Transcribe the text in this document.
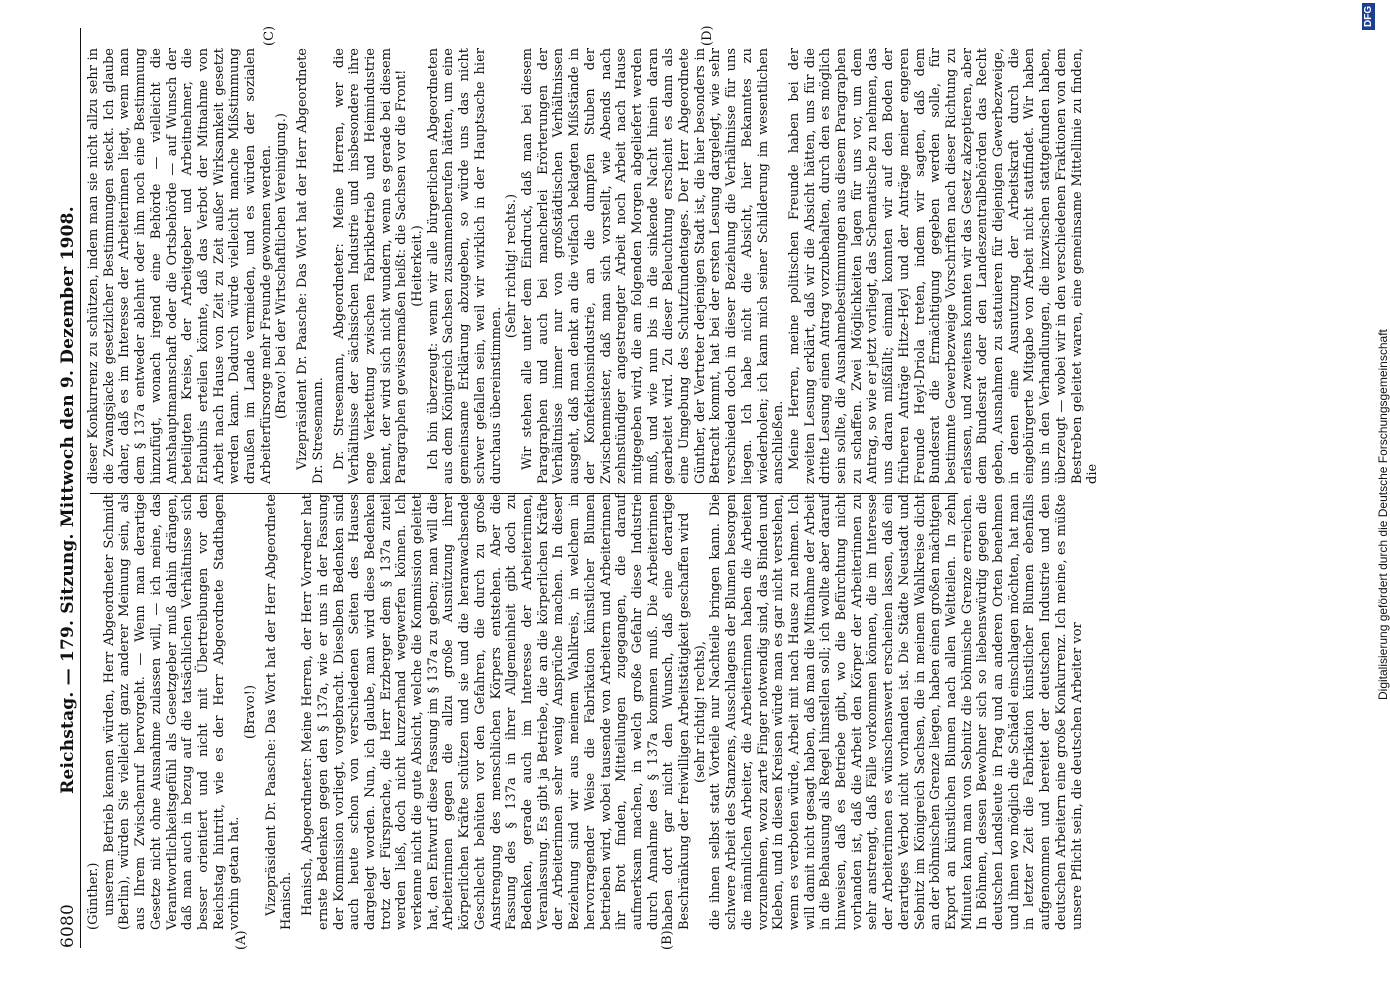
6080
Reichstag. — 179. Sitzung. Mittwoch den 9. Dezember 1908.
(A)	(B)
(C)	(D)

(Günther.) unserem Betrieb kennen würden, Herr Abgeordneter Schmidt (Berlin), würden Sie vielleicht ganz anderer Meinung sein, als aus Ihrem Zwischenruf hervorgeht. — Wenn man derartige Gesetze nicht ohne Ausnahme zulassen will, — ich meine, das Verantwortlichkeitsgefühl als Gesetzgeber muß dahin drängen, daß man auch in bezug auf die tatsächlichen Verhältnisse sich besser orientiert und nicht mit Übertreibungen vor den Reichstag hintritt, wie es der Herr Abgeordnete Stadthagen vorhin getan hat.

(Bravo!) Vizepräsident Dr. Paasche: Das Wort hat der Herr Abgeordnete Hanisch. Hanisch, Abgeordneter: Meine Herren, der Herr Vorredner hat ernste Bedenken gegen den § 137a, wie er uns in der Fassung der Kommission vorliegt, vorgebracht. Dieselben Bedenken sind auch heute schon von verschiedenen Seiten des Hauses dargelegt worden. Nun, ich glaube, man wird diese Bedenken trotz der Fürsprache, die Herr Erzberger dem § 137a zuteil werden ließ, doch nicht kurzerhand wegwerfen können. Ich verkenne nicht die gute Absicht, welche die Kommission geleitet hat, den Entwurf diese Fassung im § 137a zu geben; man will die Arbeiterinnen gegen die allzu große Ausnützung ihrer körperlichen Kräfte schützen und sie und die heranwachsende Geschlecht behüten vor den Gefahren, die durch zu große Anstrengung des menschlichen Körpers entstehen. Aber die Fassung des § 137a in ihrer Allgemeinheit gibt doch zu Bedenken, gerade auch im Interesse der Arbeiterinnen, Veranlassung. Es gibt ja Betriebe, die an die körperlichen Kräfte der Arbeiterinnen sehr wenig Ansprüche machen. In dieser Beziehung sind wir aus meinem Wahlkreis, in welchem in hervorragender Weise die Fabrikation künstlicher Blumen betrieben wird, wobei tausende von Arbeitern und Arbeiterinnen ihr Brot finden, Mitteilungen zugegangen, die darauf aufmerksam machen, in welch große Gefahr diese Industrie durch Annahme des § 137a kommen muß. Die Arbeiterinnen haben dort gar nicht den Wunsch, daß eine derartige Beschränkung der freiwilligen Arbeitstätigkeit geschaffen wird (sehr richtig! rechts), die ihnen selbst statt Vorteile nur Nachteile bringen kann. Die schwere Arbeit des Stanzens, Ausschlagens der Blumen besorgen die männlichen Arbeiter, die Arbeiterinnen haben die Arbeiten vorzunehmen, wozu zarte Finger notwendig sind, das Binden und Kleben, und in diesen Kreisen würde man es gar nicht verstehen, wenn es verboten würde, Arbeit mit nach Hause zu nehmen. Ich will damit nicht gesagt haben, daß man die Mitnahme der Arbeit in die Behausung als Regel hinstellen soll; ich wollte aber darauf hinweisen, daß es Betriebe gibt, wo die Befürchtung nicht vorhanden ist, daß die Arbeit den Körper der Arbeiterinnen zu sehr anstrengt, daß Fälle vorkommen können, die im Interesse der Arbeiterinnen es wünschenswert erscheinen lassen, daß ein derartiges Verbot nicht vorhanden ist. Die Städte Neustadt und Sebnitz im Königreich Sachsen, die in meinem Wahlkreise dicht an der böhmischen Grenze liegen, haben einen großen mächtigen Export an künstlichen Blumen nach allen Weltteilen. In zehn Minuten kann man von Sebnitz die böhmische Grenze erreichen. In Böhmen, dessen Bewohner sich so liebenswürdig gegen die deutschen Landsleute in Prag und an anderen Orten benehmen und ihnen wo möglich die Schädel einschlagen möchten, hat man in letzter Zeit die Fabrikation künstlicher Blumen ebenfalls aufgenommen und bereitet der deutschen Industrie und den deutschen Arbeitern eine große Konkurrenz. Ich meine, es müßte unsere Pflicht sein, die deutschen Arbeiter vor

dieser Konkurrenz zu schützen, indem man sie nicht allzu sehr in die Zwangsjacke gesetzlicher Bestimmungen steckt. Ich glaube daher, daß es im Interesse der Arbeiterinnen liegt, wenn man dem § 137a entweder ablehnt oder ihm noch eine Bestimmung hinzufügt, wonach irgend eine Behörde — vielleicht die Amtshauptmannschaft oder die Ortsbehörde — auf Wunsch der beteiligten Kreise, der Arbeitgeber und Arbeitnehmer, die Erlaubnis erteilen könnte, daß das Verbot der Mitnahme von Arbeit nach Hause von Zeit zu Zeit außer Wirksamkeit gesetzt werden kann. Dadurch würde vielleicht manche Mißstimmung draußen im Lande vermieden, und es würden der sozialen Arbeiterfürsorge mehr Freunde gewonnen werden. (Bravo! bei der Wirtschaftlichen Vereinigung.) Vizepräsident Dr. Paasche: Das Wort hat der Herr Abgeordnete Dr. Stresemann. Dr. Stresemann, Abgeordneter: Meine Herren, wer die Verhältnisse der sächsischen Industrie und insbesondere ihre enge Verkettung zwischen Fabrikbetrieb und Heimindustrie kennt, der wird sich nicht wundern, wenn es gerade bei diesem Paragraphen gewissermaßen heißt: die Sachsen vor die Front! (Heiterkeit.) Ich bin überzeugt: wenn wir alle bürgerlichen Abgeordneten aus dem Königreich Sachsen zusammenberufen hätten, um eine gemeinsame Erklärung abzugeben, so würde uns das nicht schwer gefallen sein, weil wir wirklich in der Hauptsache hier durchaus übereinstimmen.

(Sehr richtig! rechts.) Wir stehen alle unter dem Eindruck, daß man bei diesem Paragraphen und auch bei mancherlei Erörterungen der Verhältnisse immer nur von großstädtischen Verhältnissen ausgeht, daß man denkt an die vielfach beklagten Mißstände in der Konfektionsindustrie, an die dumpfen Stuben der Zwischenmeister, daß man sich vorstellt, wie Abends nach zehnstündiger angestrengter Arbeit noch Arbeit nach Hause mitgegeben wird, die am folgenden Morgen abgeliefert werden muß, und wie nun bis in die sinkende Nacht hinein daran gearbeitet wird. Zu dieser Beleuchtung erscheint es dann als eine Umgebung des Schutzfundentages. Der Herr Abgeordnete Günther, der Vertreter derjenigen Stadt ist, die hier besonders in Betracht kommt, hat bei der ersten Lesung dargelegt, wie sehr verschieden doch in dieser Beziehung die Verhältnisse für uns liegen. Ich habe nicht die Absicht, hier Bekanntes zu wiederholen; ich kann mich seiner Schilderung im wesentlichen anschließen. Meine Herren, meine politischen Freunde haben bei der zweiten Lesung erklärt, daß wir die Absicht hätten, uns für die dritte Lesung einen Antrag vorzubehalten, durch den es möglich sein sollte, die Ausnahmebestimmungen aus diesem Paragraphen zu schaffen. Zwei Möglichkeiten lagen für uns vor, um dem Antrag, so wie er jetzt vorliegt, das Schematische zu nehmen, das uns daran mißfällt; einmal konnten wir auf den Boden der früheren Anträge Hitze-Heyl und der Anträge meiner engeren Freunde Heyl-Driola treten, indem wir sagten, daß dem Bundesrat die Ermächtigung gegeben werden solle, für bestimmte Gewerbezweige Vorschriften nach dieser Richtung zu erlassen, und zweitens konnten wir das Gesetz akzeptieren, aber dem Bundesrat oder den Landeszentralbehörden das Recht geben, Ausnahmen zu statuieren für diejenigen Gewerbezweige, in denen eine Ausnutzung der Arbeitskraft durch die eingebürgerte Mitgabe von Arbeit nicht stattfindet. Wir haben uns in den Verhandlungen, die inzwischen stattgefunden haben, überzeugt — wobei wir in den verschiedenen Fraktionen von dem Bestreben geleitet waren, eine gemeinsame Mittellinie zu finden, die	Digitalisierung gefördert durch die Deutsche Forschungsgemeinschaft
DFG
